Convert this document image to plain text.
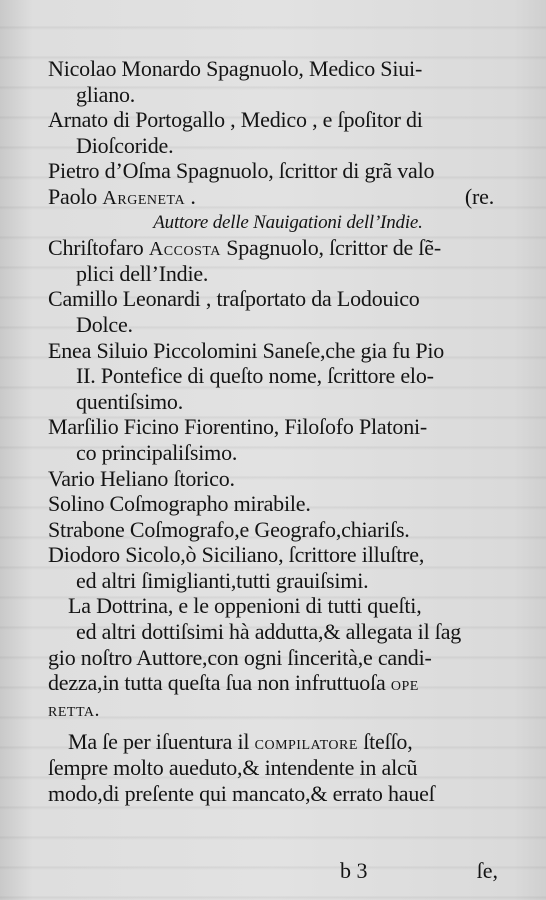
Nicolao Monardo Spagnuolo, Medico Siui-
gliano.
Arnato di Portogallo , Medico , e ſpoſitor di
Dioſcoride.
Pietro d’Oſma Spagnuolo, ſcrittor di grã valo
Paolo Argeneta .	(re.
Auttore delle Nauigationi dell’Indie.
Chriſtofaro Accoſta Spagnuolo, ſcrittor de ſẽ-
plici dell’Indie.
Camillo Leonardi , traſportato da Lodouico
Dolce.
Enea Siluio Piccolomini Saneſe,che gia fu Pio
II. Pontefice di queſto nome, ſcrittore elo-
quentiſsimo.
Marſilio Ficino Fiorentino, Filoſofo Platoni-
co principaliſsimo.
Vario Heliano ſtorico.
Solino Coſmographo mirabile.
Strabone Coſmografo,e Geografo,chiariſs.
Diodoro Sicolo,ò Siciliano, ſcrittore illuſtre,
ed altri ſimiglianti,tutti grauiſsimi.
La Dottrina, e le oppenioni di tutti queſti,
ed altri dottiſsimi hà addutta,& allegata il ſag
gio noſtro Auttore,con ogni ſincerità,e candi-
dezza,in tutta queſta ſua non infruttuoſa ope
retta.
Ma ſe per iſuentura il compilatore ſteſſo,
ſempre molto aueduto,& intendente in alcũ
modo,di preſente qui mancato,& errato haueſ
b 3	ſe,
